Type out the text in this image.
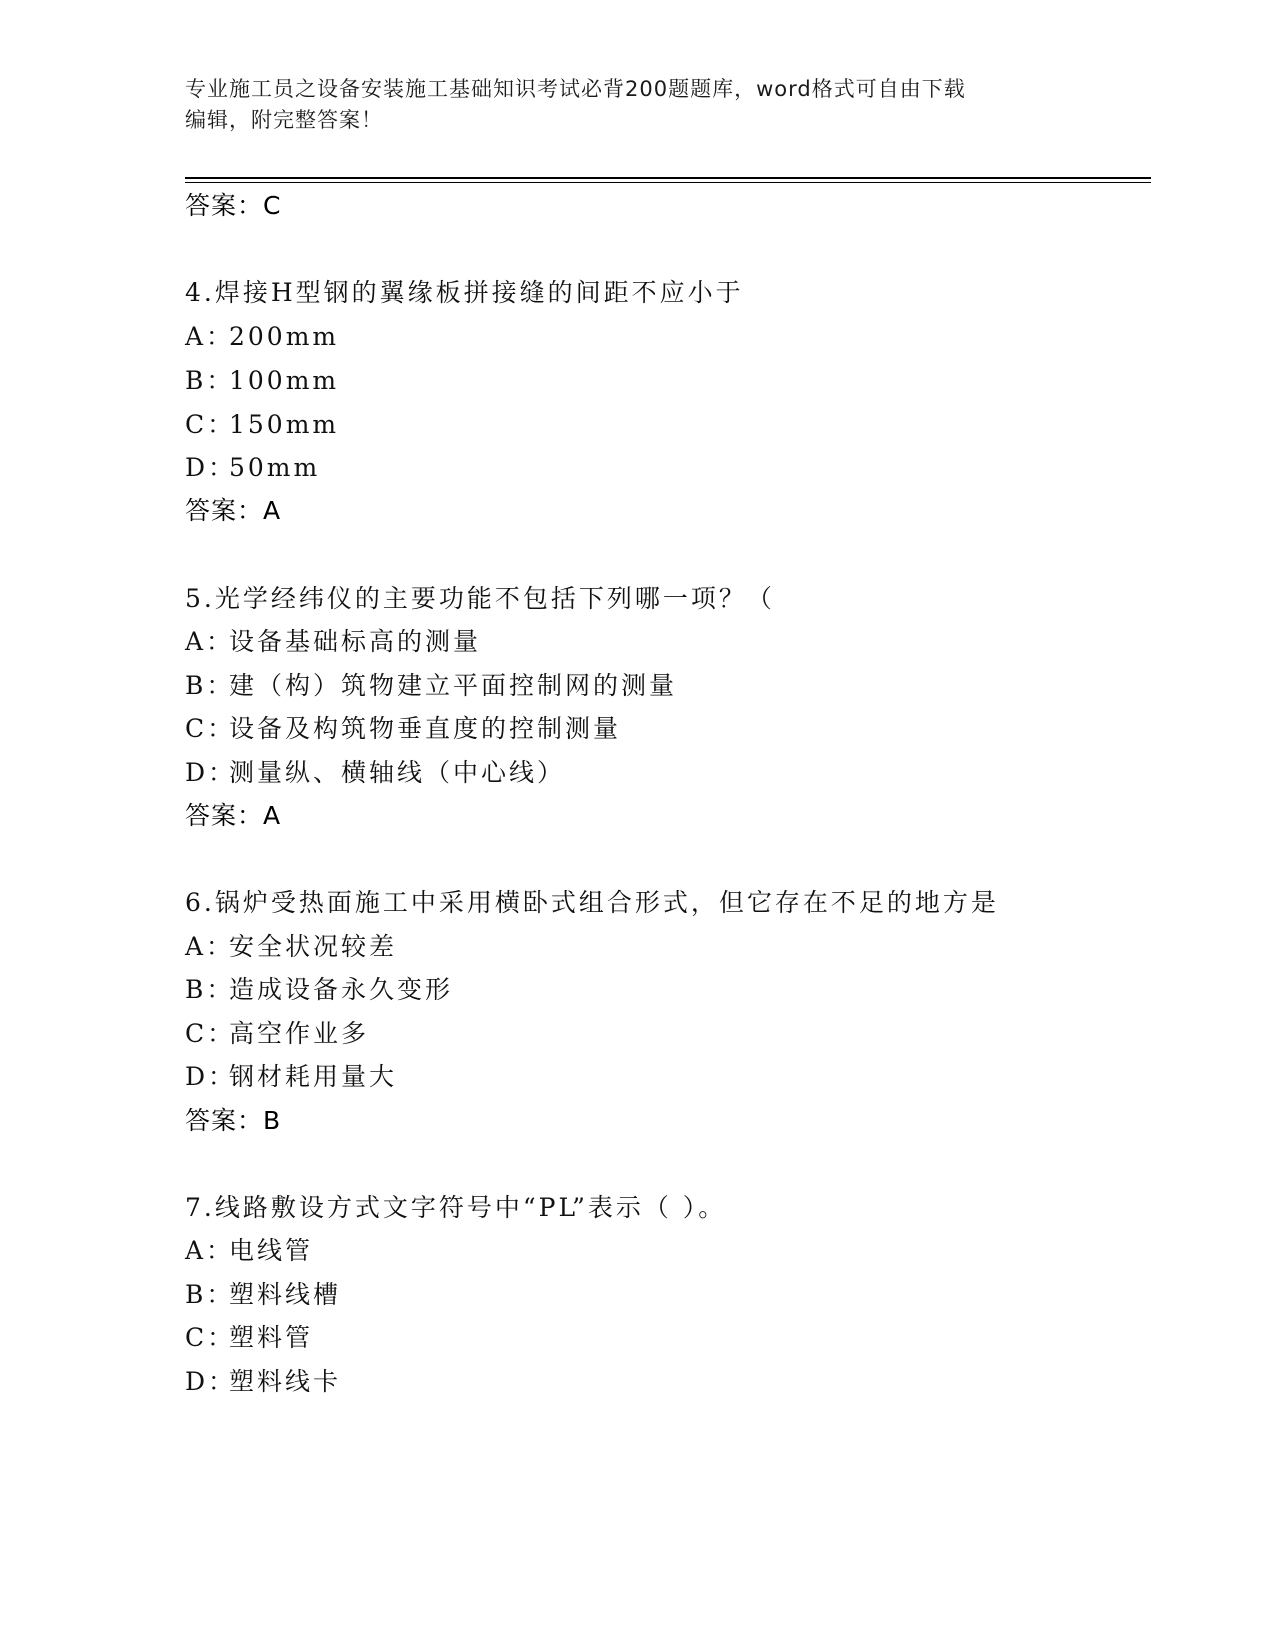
专业施工员之设备安装施工基础知识考试必背200题题库，word格式可自由下载
编辑，附完整答案！
答案：C
4.焊接H型钢的翼缘板拼接缝的间距不应小于
A：200mm
B：100mm
C：150mm
D：50mm
答案：A
5.光学经纬仪的主要功能不包括下列哪一项？（
A：设备基础标高的测量
B：建（构）筑物建立平面控制网的测量
C：设备及构筑物垂直度的控制测量
D：测量纵、横轴线（中心线）
答案：A
6.锅炉受热面施工中采用横卧式组合形式，但它存在不足的地方是
A：安全状况较差
B：造成设备永久变形
C：高空作业多
D：钢材耗用量大
答案：B
7.线路敷设方式文字符号中“PL”表示（ ）。
A：电线管
B：塑料线槽
C：塑料管
D：塑料线卡
